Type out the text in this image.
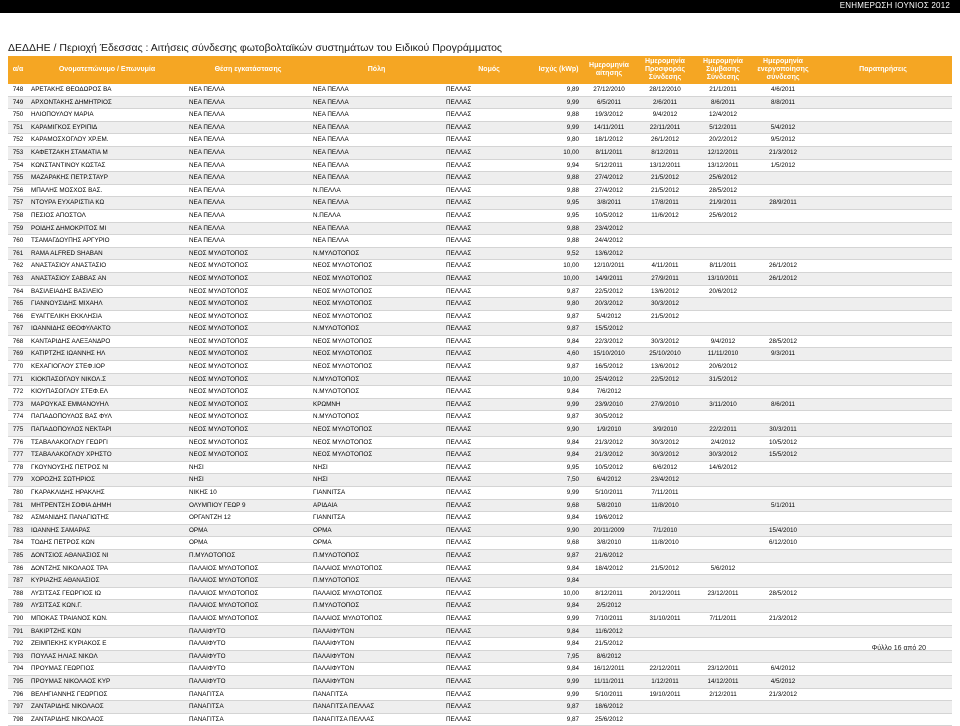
ΕΝΗΜΕΡΩΣΗ ΙΟΥΝΙΟΣ 2012
ΔΕΔΔΗΕ / Περιοχή Έδεσσας : Αιτήσεις σύνδεσης φωτοβολταϊκών συστημάτων του Ειδικού Προγράμματος
α/α	Ονοματεπώνυμο / Επωνυμία	Θέση εγκατάστασης	Πόλη	Νομός	Ισχύς (kWp)	Ημερομηνία αίτησης	Ημερομηνία Προσφοράς Σύνδεσης	Ημερομηνία Σύμβασης Σύνδεσης	Ημερομηνία ενεργοποίησης σύνδεσης	Παρατηρήσεις
748	ΑΡΕΤΑΚΗΣ ΘΕΟΔΩΡΟΣ ΒΑ	ΝΕΑ ΠΕΛΛΑ	ΝΕΑ ΠΕΛΛΑ	ΠΕΛΛΑΣ	9,89	27/12/2010	28/12/2010	21/1/2011	4/6/2011	
749	ΑΡΧΟΝΤΑΚΗΣ ΔΗΜΗΤΡΙΟΣ	ΝΕΑ ΠΕΛΛΑ	ΝΕΑ ΠΕΛΛΑ	ΠΕΛΛΑΣ	9,99	6/5/2011	2/6/2011	8/6/2011	8/8/2011	
750	ΗΛΙΟΠΟΥΛΟΥ ΜΑΡΙΑ	ΝΕΑ ΠΕΛΛΑ	ΝΕΑ ΠΕΛΛΑ	ΠΕΛΛΑΣ	9,88	19/3/2012	9/4/2012	12/4/2012		
751	ΚΑΡΑΜΙΓΚΟΣ ΕΥΡΙΠΙΔ	ΝΕΑ ΠΕΛΛΑ	ΝΕΑ ΠΕΛΛΑ	ΠΕΛΛΑΣ	9,99	14/11/2011	22/11/2011	5/12/2011	5/4/2012	
752	ΚΑΡΑΜΟΣΧΟΓΛΟΥ ΧΡ.ΕΜ.	ΝΕΑ ΠΕΛΛΑ	ΝΕΑ ΠΕΛΛΑ	ΠΕΛΛΑΣ	9,80	18/1/2012	26/1/2012	20/2/2012	9/5/2012	
753	ΚΑΦΕΤΖΑΚΗ ΣΤΑΜΑΤΙΑ Μ	ΝΕΑ ΠΕΛΛΑ	ΝΕΑ ΠΕΛΛΑ	ΠΕΛΛΑΣ	10,00	8/11/2011	8/12/2011	12/12/2011	21/3/2012	
754	ΚΩΝΣΤΑΝΤΙΝΟΥ ΚΩΣΤΑΣ	ΝΕΑ ΠΕΛΛΑ	ΝΕΑ ΠΕΛΛΑ	ΠΕΛΛΑΣ	9,94	5/12/2011	13/12/2011	13/12/2011	1/5/2012	
755	ΜΑΖΑΡΑΚΗΣ ΠΕΤΡ.ΣΤΑΥΡ	ΝΕΑ ΠΕΛΛΑ	ΝΕΑ ΠΕΛΛΑ	ΠΕΛΛΑΣ	9,88	27/4/2012	21/5/2012	25/6/2012		
756	ΜΠΑΛΗΣ ΜΟΣΧΟΣ ΒΑΣ.	ΝΕΑ ΠΕΛΛΑ	Ν.ΠΕΛΛΑ	ΠΕΛΛΑΣ	9,88	27/4/2012	21/5/2012	28/5/2012		
757	ΝΤΟΥΡΑ ΕΥΧΑΡΙΣΤΙΑ ΚΩ	ΝΕΑ ΠΕΛΛΑ	ΝΕΑ ΠΕΛΛΑ	ΠΕΛΛΑΣ	9,95	3/8/2011	17/8/2011	21/9/2011	28/9/2011	
758	ΠΕΣΙΟΣ ΑΠΟΣΤΟΛ	ΝΕΑ ΠΕΛΛΑ	Ν.ΠΕΛΛΑ	ΠΕΛΛΑΣ	9,95	10/5/2012	11/6/2012	25/6/2012		
759	ΡΟΙΔΗΣ ΔΗΜΟΚΡΙΤΟΣ ΜΙ	ΝΕΑ ΠΕΛΛΑ	ΝΕΑ ΠΕΛΛΑ	ΠΕΛΛΑΣ	9,88	23/4/2012				
760	ΤΣΑΜΑΓΔΟΥΠΗΣ ΑΡΓΥΡΙΟ	ΝΕΑ ΠΕΛΛΑ	ΝΕΑ ΠΕΛΛΑ	ΠΕΛΛΑΣ	9,88	24/4/2012				
761	RAMA ALFRED SHABAN	ΝΕΟΣ ΜΥΛΟΤΟΠΟΣ	Ν.ΜΥΛΟΤΟΠΟΣ	ΠΕΛΛΑΣ	9,52	13/6/2012				
762	ΑΝΑΣΤΑΣΙΟΥ ΑΝΑΣΤΑΣΙΟ	ΝΕΟΣ ΜΥΛΟΤΟΠΟΣ	ΝΕΟΣ ΜΥΛΟΤΟΠΟΣ	ΠΕΛΛΑΣ	10,00	12/10/2011	4/11/2011	8/11/2011	26/1/2012	
763	ΑΝΑΣΤΑΣΙΟΥ ΣΑΒΒΑΣ ΑΝ	ΝΕΟΣ ΜΥΛΟΤΟΠΟΣ	ΝΕΟΣ ΜΥΛΟΤΟΠΟΣ	ΠΕΛΛΑΣ	10,00	14/9/2011	27/9/2011	13/10/2011	26/1/2012	
764	ΒΑΣΙΛΕΙΑΔΗΣ ΒΑΣΙΛΕΙΟ	ΝΕΟΣ ΜΥΛΟΤΟΠΟΣ	ΝΕΟΣ ΜΥΛΟΤΟΠΟΣ	ΠΕΛΛΑΣ	9,87	22/5/2012	13/6/2012	20/6/2012		
765	ΓΙΑΝΝΟΥΣΙΔΗΣ ΜΙΧΑΗΛ	ΝΕΟΣ ΜΥΛΟΤΟΠΟΣ	ΝΕΟΣ ΜΥΛΟΤΟΠΟΣ	ΠΕΛΛΑΣ	9,80	20/3/2012	30/3/2012			
766	ΕΥΑΓΓΕΛΙΚΗ ΕΚΚΛΗΣΙΑ	ΝΕΟΣ ΜΥΛΟΤΟΠΟΣ	ΝΕΟΣ ΜΥΛΟΤΟΠΟΣ	ΠΕΛΛΑΣ	9,87	5/4/2012	21/5/2012			
767	ΙΩΑΝΝΙΔΗΣ ΘΕΟΦΥΛΑΚΤΟ	ΝΕΟΣ ΜΥΛΟΤΟΠΟΣ	Ν.ΜΥΛΟΤΟΠΟΣ	ΠΕΛΛΑΣ	9,87	15/5/2012				
768	ΚΑΝΤΑΡΙΔΗΣ ΑΛΕΞΑΝΔΡΟ	ΝΕΟΣ ΜΥΛΟΤΟΠΟΣ	ΝΕΟΣ ΜΥΛΟΤΟΠΟΣ	ΠΕΛΛΑΣ	9,84	22/3/2012	30/3/2012	9/4/2012	28/5/2012	
769	ΚΑΤΙΡΤΖΗΣ ΙΩΑΝΝΗΣ ΗΛ	ΝΕΟΣ ΜΥΛΟΤΟΠΟΣ	ΝΕΟΣ ΜΥΛΟΤΟΠΟΣ	ΠΕΛΛΑΣ	4,60	15/10/2010	25/10/2010	11/11/2010	9/3/2011	
770	ΚΕΧΑΓΙΟΓΛΟΥ ΣΤΕΦ.ΙΟΡ	ΝΕΟΣ ΜΥΛΟΤΟΠΟΣ	ΝΕΟΣ ΜΥΛΟΤΟΠΟΣ	ΠΕΛΛΑΣ	9,87	16/5/2012	13/6/2012	20/6/2012		
771	ΚΙΟΚΠΑΣΟΓΛΟΥ ΝΙΚΟΛ.Σ	ΝΕΟΣ ΜΥΛΟΤΟΠΟΣ	Ν.ΜΥΛΟΤΟΠΟΣ	ΠΕΛΛΑΣ	10,00	25/4/2012	22/5/2012	31/5/2012		
772	ΚΙΟΥΠΑΣΟΓΛΟΥ ΣΤΕΦ.ΕΛ	ΝΕΟΣ ΜΥΛΟΤΟΠΟΣ	Ν.ΜΥΛΟΤΟΠΟΣ	ΠΕΛΛΑΣ	9,84	7/6/2012				
773	ΜΑΡΟΥΚΑΣ ΕΜΜΑΝΟΥΗΛ	ΝΕΟΣ ΜΥΛΟΤΟΠΟΣ	ΚΡΩΜΝΗ	ΠΕΛΛΑΣ	9,99	23/9/2010	27/9/2010	3/11/2010	8/6/2011	
774	ΠΑΠΑΔΟΠΟΥΛΟΣ ΒΑΣ ΦΥΛ	ΝΕΟΣ ΜΥΛΟΤΟΠΟΣ	Ν.ΜΥΛΟΤΟΠΟΣ	ΠΕΛΛΑΣ	9,87	30/5/2012				
775	ΠΑΠΑΔΟΠΟΥΛΟΣ ΝΕΚΤΑΡΙ	ΝΕΟΣ ΜΥΛΟΤΟΠΟΣ	ΝΕΟΣ ΜΥΛΟΤΟΠΟΣ	ΠΕΛΛΑΣ	9,90	1/9/2010	3/9/2010	22/2/2011	30/3/2011	
776	ΤΣΑΒΑΛΑΚΟΓΛΟΥ ΓΕΩΡΓΙ	ΝΕΟΣ ΜΥΛΟΤΟΠΟΣ	ΝΕΟΣ ΜΥΛΟΤΟΠΟΣ	ΠΕΛΛΑΣ	9,84	21/3/2012	30/3/2012	2/4/2012	10/5/2012	
777	ΤΣΑΒΑΛΑΚΟΓΛΟΥ ΧΡΗΣΤΟ	ΝΕΟΣ ΜΥΛΟΤΟΠΟΣ	ΝΕΟΣ ΜΥΛΟΤΟΠΟΣ	ΠΕΛΛΑΣ	9,84	21/3/2012	30/3/2012	30/3/2012	15/5/2012	
778	ΓΚΟΥΝΟΥΣΗΣ ΠΕΤΡΟΣ ΝΙ	ΝΗΣΙ	ΝΗΣΙ	ΠΕΛΛΑΣ	9,95	10/5/2012	6/6/2012	14/6/2012		
779	ΧΟΡΟΖΗΣ ΣΩΤΗΡΙΟΣ	ΝΗΣΙ	ΝΗΣΙ	ΠΕΛΛΑΣ	7,50	6/4/2012	23/4/2012			
780	ΓΚΑΡΑΚΛΙΔΗΣ ΗΡΑΚΛΗΣ	ΝΙΚΗΣ 10	ΓΙΑΝΝΙΤΣΑ	ΠΕΛΛΑΣ	9,99	5/10/2011	7/11/2011			
781	ΜΗΤΡΕΝΤΣΗ ΣΟΦΙΑ ΔΗΜΗ	ΟΛΥΜΠΙΟΥ ΓΕΩΡ 9	ΑΡΙΔΑΙΑ	ΠΕΛΛΑΣ	9,68	5/8/2010	11/8/2010		5/1/2011	
782	ΑΣΜΑΝΙΔΗΣ ΠΑΝΑΓΙΩΤΗΣ	ΟΡΓΑΝΤΖΗ 12	ΓΙΑΝΝΙΤΣΑ	ΠΕΛΛΑΣ	9,84	19/6/2012				
783	ΙΩΑΝΝΗΣ ΣΑΜΑΡΑΣ	ΟΡΜΑ	ΟΡΜΑ	ΠΕΛΛΑΣ	9,90	20/11/2009	7/1/2010		15/4/2010	
784	ΤΟΔΗΣ ΠΕΤΡΟΣ ΚΩΝ	ΟΡΜΑ	ΟΡΜΑ	ΠΕΛΛΑΣ	9,68	3/8/2010	11/8/2010		6/12/2010	
785	ΔΟΝΤΣΙΟΣ ΑΘΑΝΑΣΙΟΣ ΝΙ	Π.ΜΥΛΟΤΟΠΟΣ	Π.ΜΥΛΟΤΟΠΟΣ	ΠΕΛΛΑΣ	9,87	21/6/2012				
786	ΔΟΝΤΖΗΣ ΝΙΚΟΛΑΟΣ ΤΡΑ	ΠΑΛΑΙΟΣ ΜΥΛΟΤΟΠΟΣ	ΠΑΛΑΙΟΣ ΜΥΛΟΤΟΠΟΣ	ΠΕΛΛΑΣ	9,84	18/4/2012	21/5/2012	5/6/2012		
787	ΚΥΡΙΑΖΗΣ ΑΘΑΝΑΣΙΟΣ	ΠΑΛΑΙΟΣ ΜΥΛΟΤΟΠΟΣ	Π.ΜΥΛΟΤΟΠΟΣ	ΠΕΛΛΑΣ	9,84					
788	ΛΥΣΙΤΣΑΣ ΓΕΩΡΓΙΟΣ ΙΩ	ΠΑΛΑΙΟΣ ΜΥΛΟΤΟΠΟΣ	ΠΑΛΑΙΟΣ ΜΥΛΟΤΟΠΟΣ	ΠΕΛΛΑΣ	10,00	8/12/2011	20/12/2011	23/12/2011	28/5/2012	
789	ΛΥΣΙΤΣΑΣ ΚΩΝ.Γ.	ΠΑΛΑΙΟΣ ΜΥΛΟΤΟΠΟΣ	Π.ΜΥΛΟΤΟΠΟΣ	ΠΕΛΛΑΣ	9,84	2/5/2012				
790	ΜΠΟΚΑΣ ΤΡΑΙΑΝΟΣ ΚΩΝ.	ΠΑΛΑΙΟΣ ΜΥΛΟΤΟΠΟΣ	ΠΑΛΑΙΟΣ ΜΥΛΟΤΟΠΟΣ	ΠΕΛΛΑΣ	9,99	7/10/2011	31/10/2011	7/11/2011	21/3/2012	
791	ΒΑΚΙΡΤΖΗΣ ΚΩΝ	ΠΑΛΑΙΦΥΤΟ	ΠΑΛΑΙΦΥΤΟΝ	ΠΕΛΛΑΣ	9,84	11/6/2012				
792	ΖΕΙΜΠΕΚΗΣ ΚΥΡΙΑΚΟΣ Ε	ΠΑΛΑΙΦΥΤΟ	ΠΑΛΑΙΦΥΤΟΝ	ΠΕΛΛΑΣ	9,84	21/5/2012				
793	ΠΟΥΛΑΣ ΗΛΙΑΣ ΝΙΚΟΛ	ΠΑΛΑΙΦΥΤΟ	ΠΑΛΑΙΦΥΤΟΝ	ΠΕΛΛΑΣ	7,95	8/6/2012				
794	ΠΡΟΥΜΑΣ ΓΕΩΡΓΙΟΣ	ΠΑΛΑΙΦΥΤΟ	ΠΑΛΑΙΦΥΤΟΝ	ΠΕΛΛΑΣ	9,84	16/12/2011	22/12/2011	23/12/2011	6/4/2012	
795	ΠΡΟΥΜΑΣ ΝΙΚΟΛΑΟΣ ΚΥΡ	ΠΑΛΑΙΦΥΤΟ	ΠΑΛΑΙΦΥΤΟΝ	ΠΕΛΛΑΣ	9,99	11/11/2011	1/12/2011	14/12/2011	4/5/2012	
796	ΒΕΛΗΓΙΑΝΝΗΣ ΓΕΩΡΓΙΟΣ	ΠΑΝΑΓΙΤΣΑ	ΠΑΝΑΓΙΤΣΑ	ΠΕΛΛΑΣ	9,99	5/10/2011	19/10/2011	2/12/2011	21/3/2012	
797	ΖΑΝΤΑΡΙΔΗΣ ΝΙΚΟΛΑΟΣ	ΠΑΝΑΓΙΤΣΑ	ΠΑΝΑΓΙΤΣΑ ΠΕΛΛΑΣ	ΠΕΛΛΑΣ	9,87	18/6/2012				
798	ΖΑΝΤΑΡΙΔΗΣ ΝΙΚΟΛΑΟΣ	ΠΑΝΑΓΙΤΣΑ	ΠΑΝΑΓΙΤΣΑ ΠΕΛΛΑΣ	ΠΕΛΛΑΣ	9,87	25/6/2012				
Φύλλο 16 από 20
